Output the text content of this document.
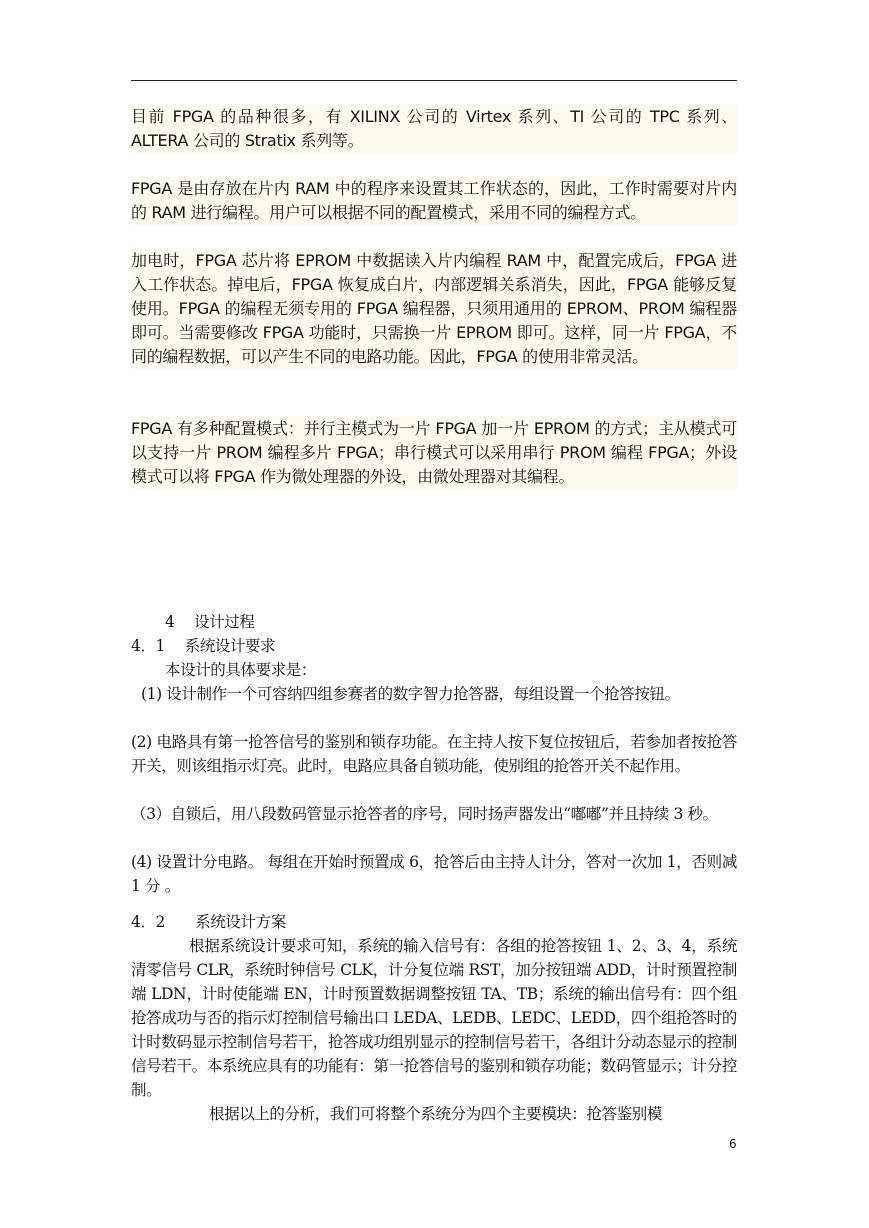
目前 FPGA 的品种很多，有 XILINX 公司的 Virtex 系列、TI 公司的 TPC 系列、ALTERA 公司的 Stratix 系列等。

FPGA 是由存放在片内 RAM 中的程序来设置其工作状态的，因此，工作时需要对片内的 RAM 进行编程。用户可以根据不同的配置模式，采用不同的编程方式。

加电时，FPGA 芯片将 EPROM 中数据读入片内编程 RAM 中，配置完成后，FPGA 进入工作状态。掉电后，FPGA 恢复成白片，内部逻辑关系消失，因此，FPGA 能够反复使用。FPGA 的编程无须专用的 FPGA 编程器，只须用通用的 EPROM、PROM 编程器即可。当需要修改 FPGA 功能时，只需换一片 EPROM 即可。这样，同一片 FPGA，不同的编程数据，可以产生不同的电路功能。因此，FPGA 的使用非常灵活。

FPGA 有多种配置模式：并行主模式为一片 FPGA 加一片 EPROM 的方式；主从模式可以支持一片 PROM 编程多片 FPGA；串行模式可以采用串行 PROM 编程 FPGA；外设模式可以将 FPGA 作为微处理器的外设，由微处理器对其编程。

4　 设计过程

4．1　 系统设计要求

本设计的具体要求是：

(1) 设计制作一个可容纳四组参赛者的数字智力抢答器，每组设置一个抢答按钮。

(2) 电路具有第一抢答信号的鉴别和锁存功能。在主持人按下复位按钮后，若参加者按抢答开关，则该组指示灯亮。此时，电路应具备自锁功能，使别组的抢答开关不起作用。

（3）自锁后，用八段数码管显示抢答者的序号，同时扬声器发出“嘟嘟”并且持续 3 秒。

(4) 设置计分电路。 每组在开始时预置成 6，抢答后由主持人计分，答对一次加 1，否则减 1 分 。

4．2　　系统设计方案

根据系统设计要求可知，系统的输入信号有：各组的抢答按钮 1、2、3、4，系统清零信号 CLR，系统时钟信号 CLK，计分复位端 RST，加分按钮端 ADD，计时预置控制端 LDN，计时使能端 EN，计时预置数据调整按钮 TA、TB；系统的输出信号有：四个组抢答成功与否的指示灯控制信号输出口 LEDA、LEDB、LEDC、LEDD，四个组抢答时的计时数码显示控制信号若干，抢答成功组别显示的控制信号若干，各组计分动态显示的控制信号若干。本系统应具有的功能有：第一抢答信号的鉴别和锁存功能；数码管显示；计分控制。

根据以上的分析，我们可将整个系统分为四个主要模块：抢答鉴别模

6
